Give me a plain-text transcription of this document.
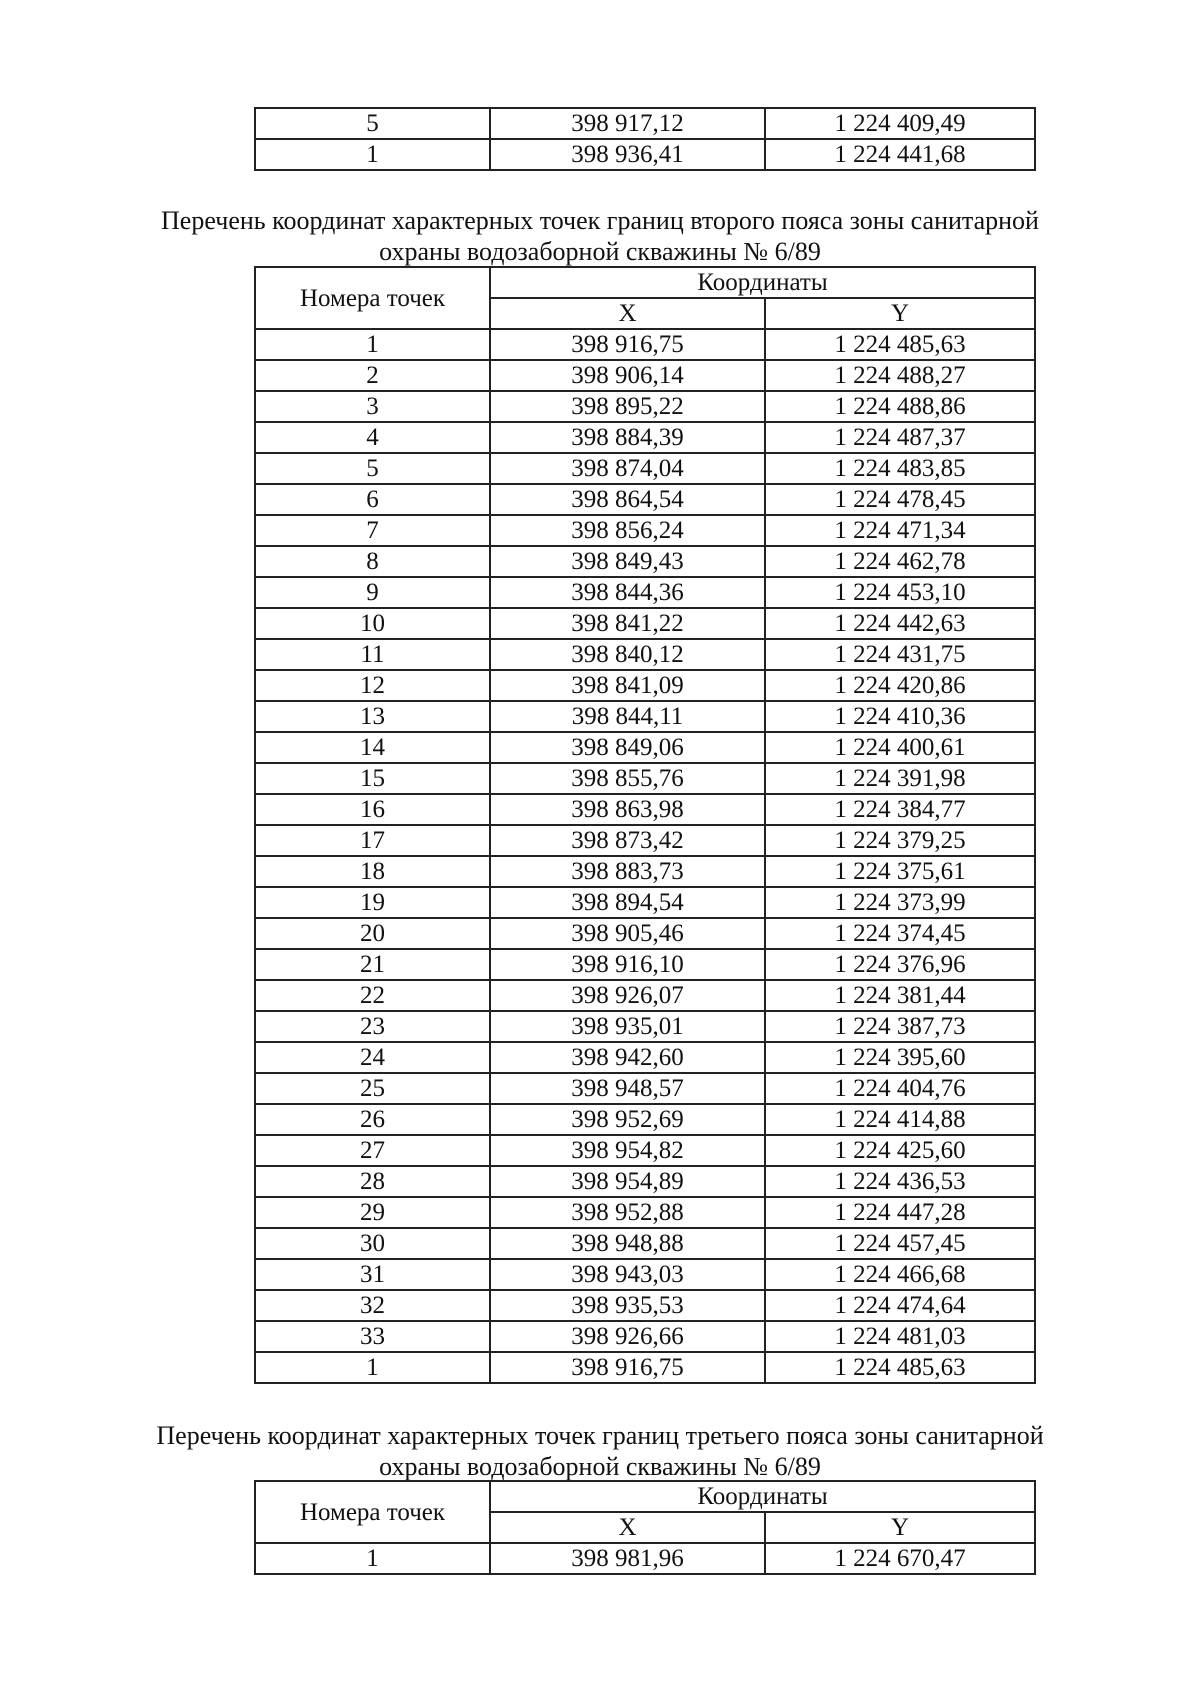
5	398 917,12	1 224 409,49
1	398 936,41	1 224 441,68
Перечень координат характерных точек границ второго пояса зоны санитарной
охраны водозаборной скважины № 6/89
Номера точек	Координаты	
	X	Y
1	398 916,75	1 224 485,63
2	398 906,14	1 224 488,27
3	398 895,22	1 224 488,86
4	398 884,39	1 224 487,37
5	398 874,04	1 224 483,85
6	398 864,54	1 224 478,45
7	398 856,24	1 224 471,34
8	398 849,43	1 224 462,78
9	398 844,36	1 224 453,10
10	398 841,22	1 224 442,63
11	398 840,12	1 224 431,75
12	398 841,09	1 224 420,86
13	398 844,11	1 224 410,36
14	398 849,06	1 224 400,61
15	398 855,76	1 224 391,98
16	398 863,98	1 224 384,77
17	398 873,42	1 224 379,25
18	398 883,73	1 224 375,61
19	398 894,54	1 224 373,99
20	398 905,46	1 224 374,45
21	398 916,10	1 224 376,96
22	398 926,07	1 224 381,44
23	398 935,01	1 224 387,73
24	398 942,60	1 224 395,60
25	398 948,57	1 224 404,76
26	398 952,69	1 224 414,88
27	398 954,82	1 224 425,60
28	398 954,89	1 224 436,53
29	398 952,88	1 224 447,28
30	398 948,88	1 224 457,45
31	398 943,03	1 224 466,68
32	398 935,53	1 224 474,64
33	398 926,66	1 224 481,03
1	398 916,75	1 224 485,63
Перечень координат характерных точек границ третьего пояса зоны санитарной
охраны водозаборной скважины № 6/89
Номера точек	Координаты	
	X	Y
1	398 981,96	1 224 670,47
